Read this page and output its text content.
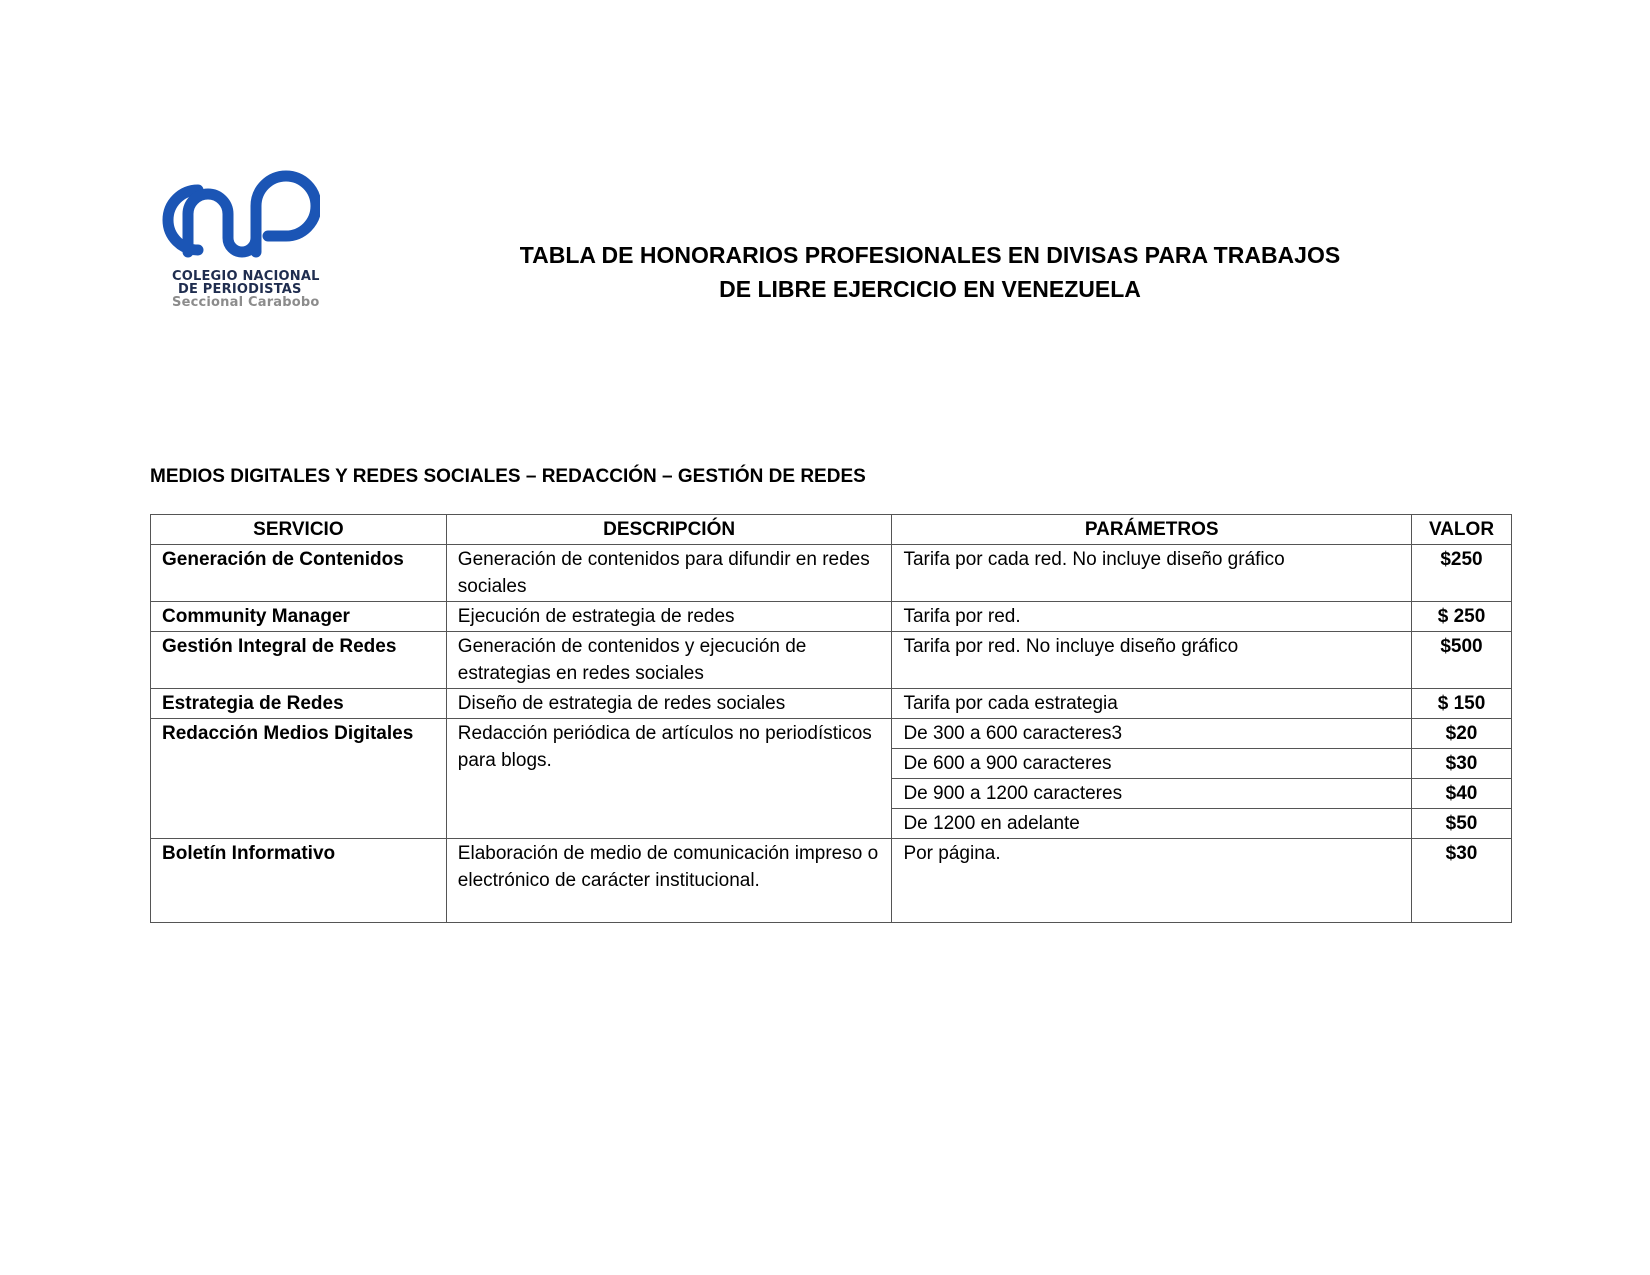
COLEGIO NACIONAL
DE PERIODISTAS
Seccional Carabobo
TABLA DE HONORARIOS PROFESIONALES EN DIVISAS PARA TRABAJOS
DE LIBRE EJERCICIO EN VENEZUELA
MEDIOS DIGITALES Y REDES SOCIALES – REDACCIÓN – GESTIÓN DE REDES
SERVICIO	DESCRIPCIÓN	PARÁMETROS	VALOR
Generación de Contenidos	Generación de contenidos para difundir en redes sociales	Tarifa por cada red. No incluye diseño gráfico	$250
Community Manager	Ejecución de estrategia de redes	Tarifa por red.	$ 250
Gestión Integral de Redes	Generación de contenidos y ejecución de estrategias en redes sociales	Tarifa por red. No incluye diseño gráfico	$500
Estrategia de Redes	Diseño de estrategia de redes sociales	Tarifa por cada estrategia	$ 150
Redacción Medios Digitales	Redacción periódica de artículos no periodísticos para blogs.	De 300 a 600 caracteres3	$20
		De 600 a 900 caracteres	$30
		De 900 a 1200 caracteres	$40
		De 1200 en adelante	$50
Boletín Informativo	Elaboración de medio de comunicación impreso o electrónico de carácter institucional.	Por página.	$30
